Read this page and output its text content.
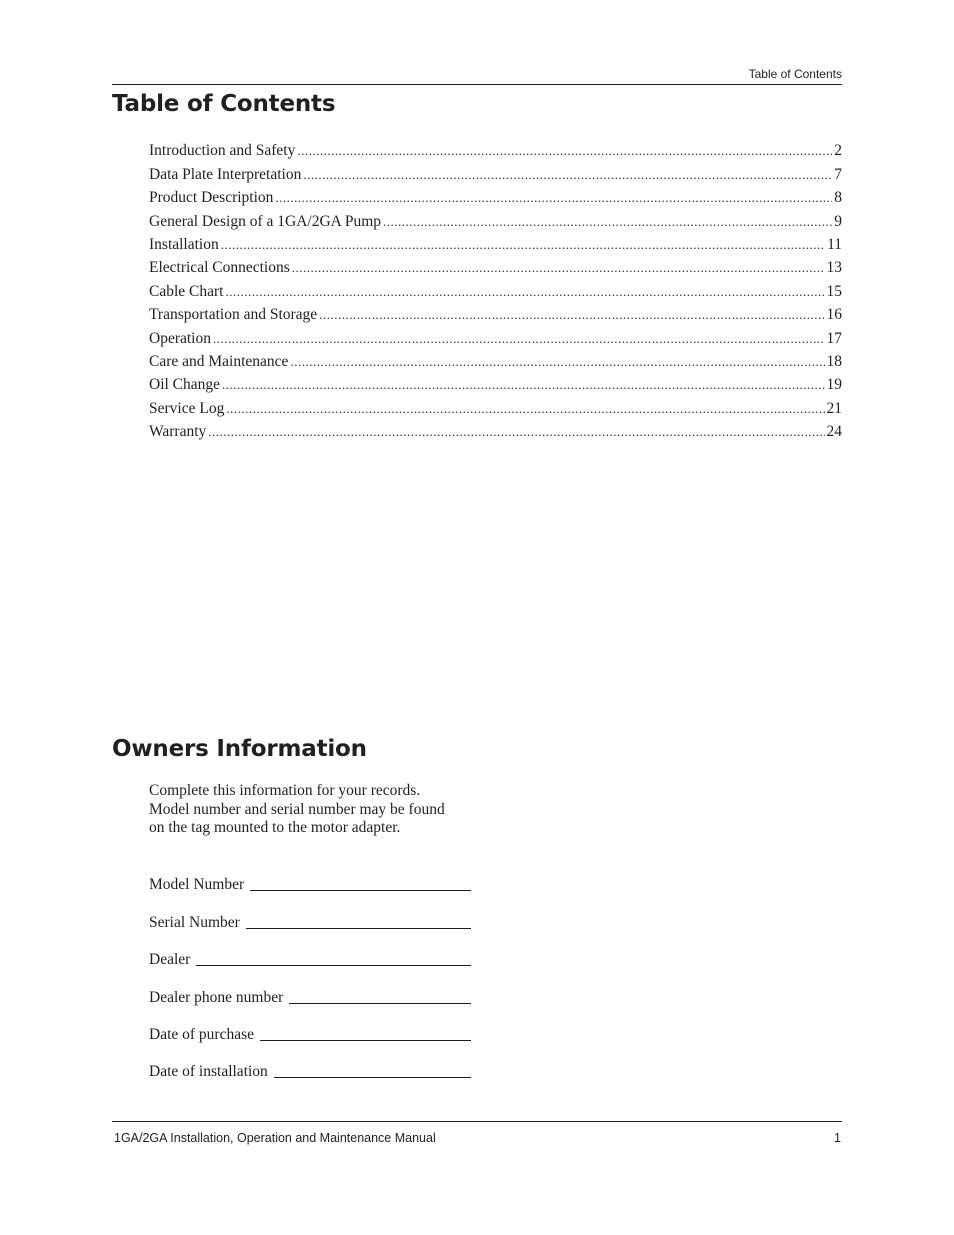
Table of Contents
Table of Contents
Introduction and Safety .....	2
Data Plate Interpretation .....	7
Product Description .....	8
General Design of a 1GA/2GA Pump .....	9
Installation .....	11
Electrical Connections .....	13
Cable Chart .....	15
Transportation and Storage .....	16
Operation .....	17
Care and Maintenance .....	18
Oil Change .....	19
Service Log .....	21
Warranty .....	24
Owners Information
Complete this information for your records.
Model number and serial number may be found
on the tag mounted to the motor adapter.
Model Number
Serial Number
Dealer
Dealer phone number
Date of purchase
Date of installation
1GA/2GA Installation, Operation and Maintenance Manual	1
